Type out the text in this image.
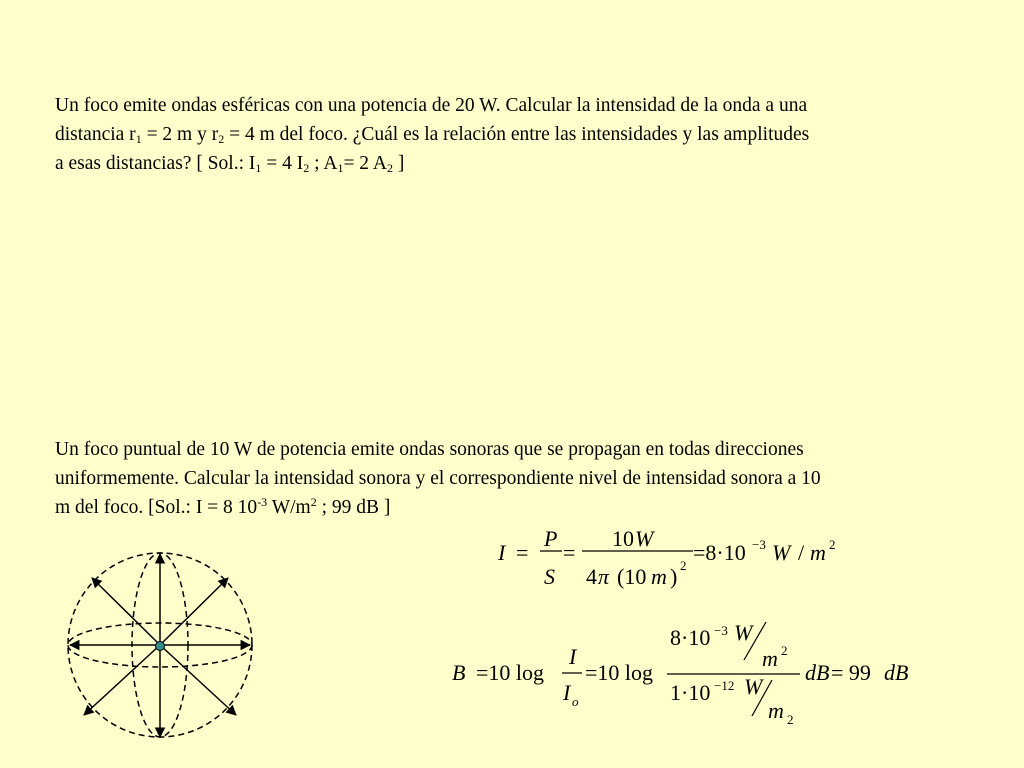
Un foco emite ondas esféricas con una potencia de 20 W. Calcular la intensidad de la onda a una
distancia $r_1 = 2$ m y $r_2 = 4$ m del foco. ¿Cuál es la relación entre las intensidades y las amplitudes
a esas distancias? [ Sol.: $I_1 = 4$ $I_2$ ; $A_1= 2$ $A_2$ ]
Un foco puntual de 10 W de potencia emite ondas sonoras que se propagan en todas direcciones
uniformemente. Calcular la intensidad sonora y el correspondiente nivel de intensidad sonora a 10
m del foco. [Sol.: I = 8 $10^{-3}$ $W/m^2$ ; 99 dB ]
I =
P
S
=
10 W
4 π (10 m ) 2
=8·10 −3 W / m 2
B =10 log
I
I o
=10 log
8·10 −3 W
m 2
1·10 −12 W
m 2
dB = 99 dB
